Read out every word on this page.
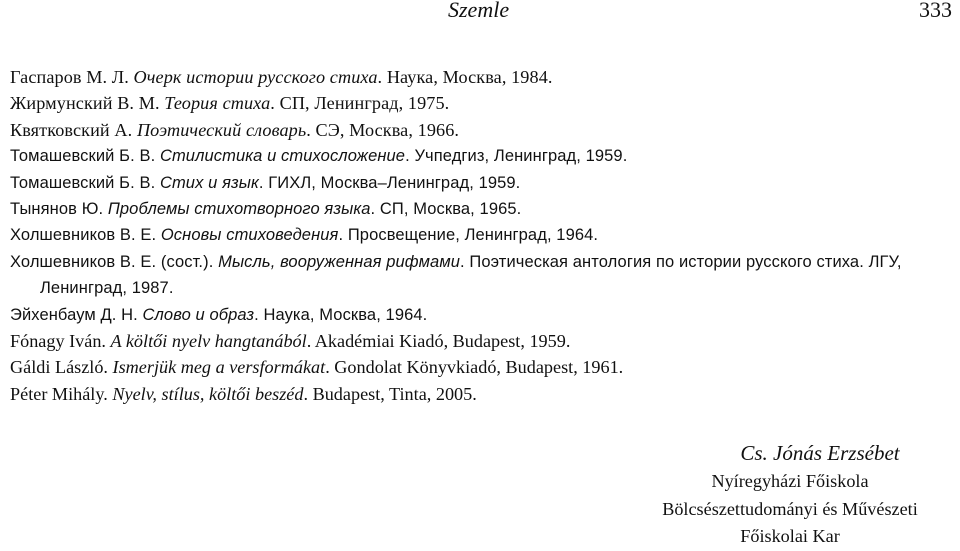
Szemle	333
Гаспаров М. Л. Очерк истории русского стиха. Наука, Москва, 1984.
Жирмунский В. М. Теория стиха. СП, Ленинград, 1975.
Квятковский А. Поэтический словарь. СЭ, Москва, 1966.
Томашевский Б. В. Стилистика и стихосложение. Учпедгиз, Ленинград, 1959.
Томашевский Б. В. Стих и язык. ГИХЛ, Москва–Ленинград, 1959.
Тынянов Ю. Проблемы стихотворного языка. СП, Москва, 1965.
Холшевников В. Е. Основы стиховедения. Просвещение, Ленинград, 1964.
Холшевников В. Е. (сост.). Мысль, вооруженная рифмами. Поэтическая антология по истории русского стиха. ЛГУ, Ленинград, 1987.
Эйхенбаум Д. Н. Слово и образ. Наука, Москва, 1964.
Fónagy Iván. A költői nyelv hangtanából. Akadémiai Kiadó, Budapest, 1959.
Gáldi László. Ismerjük meg a versformákat. Gondolat Könyvkiadó, Budapest, 1961.
Péter Mihály. Nyelv, stílus, költői beszéd. Budapest, Tinta, 2005.
Cs. Jónás Erzsébet
Nyíregyházi Főiskola
Bölcsészettudományi és Művészeti
Főiskolai Kar
